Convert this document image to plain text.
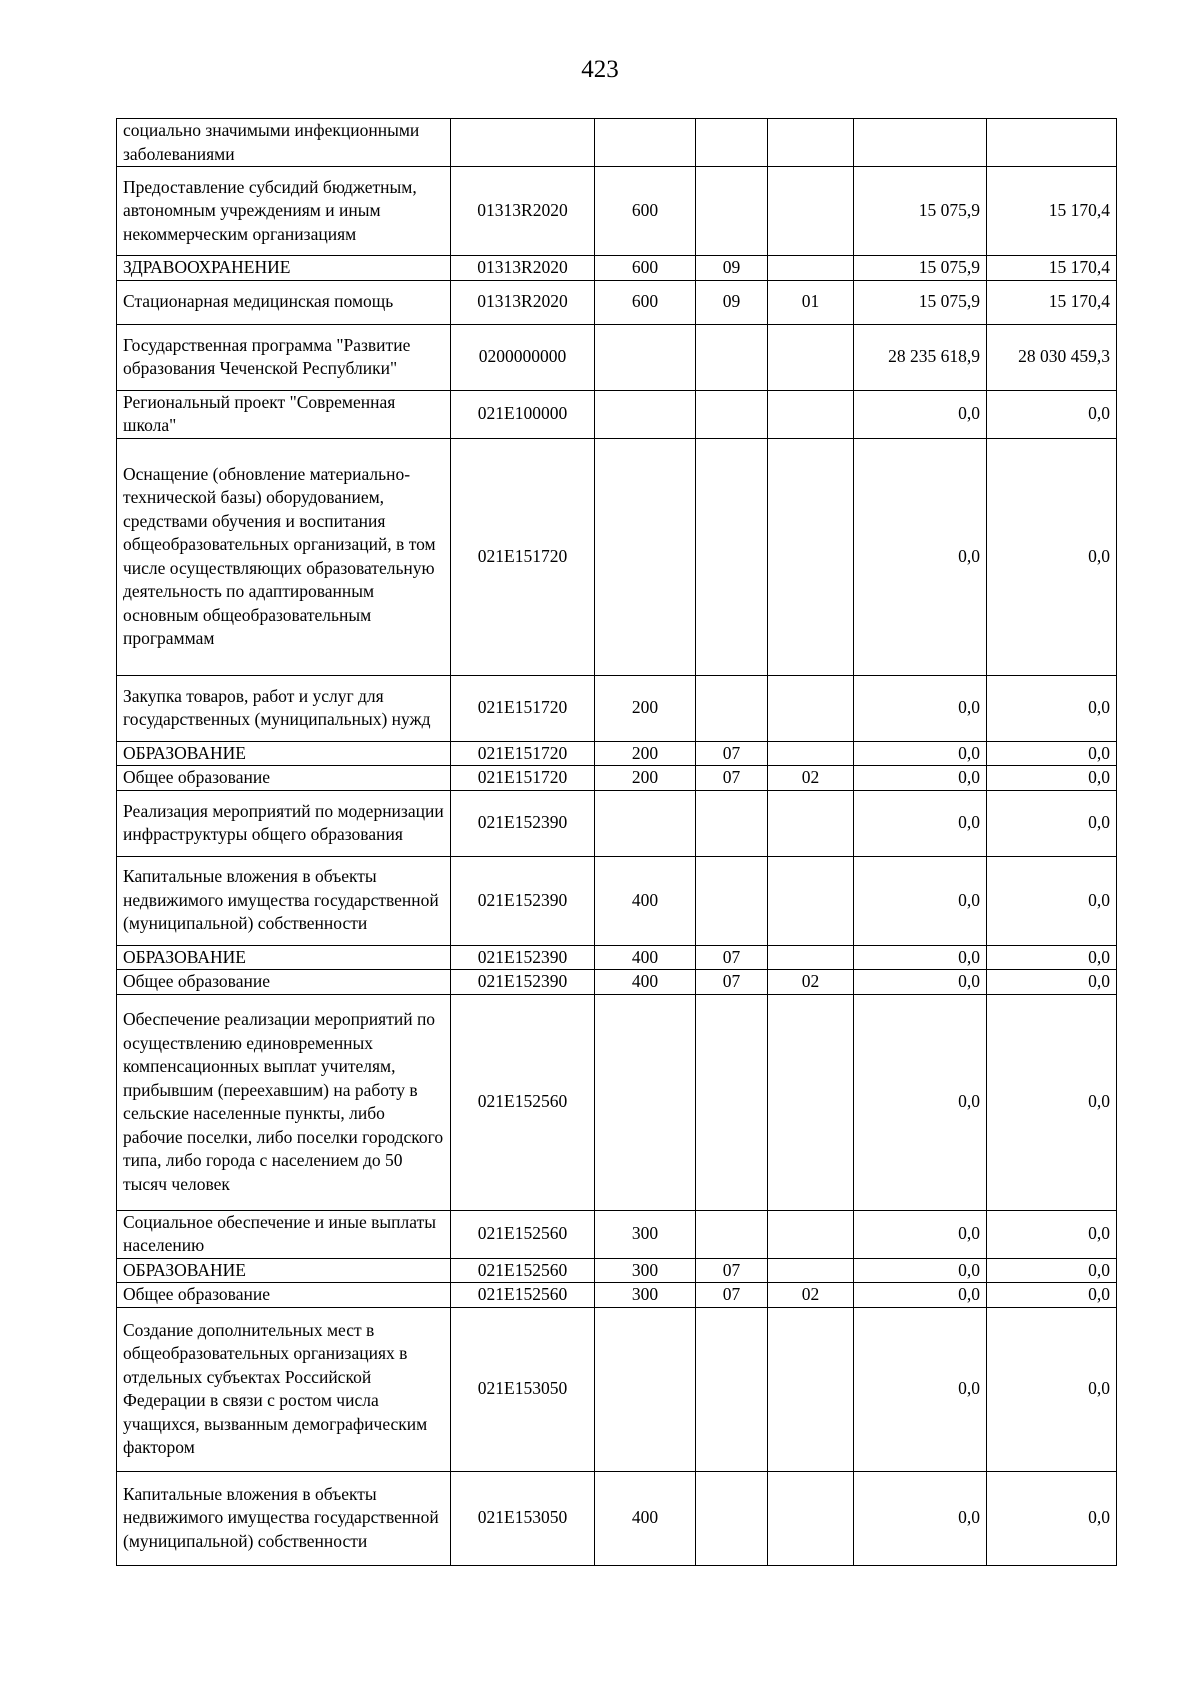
423
социально значимыми инфекционными заболеваниями						
Предоставление субсидий бюджетным, автономным учреждениям и иным некоммерческим организациям	01313R2020	600			15 075,9	15 170,4
ЗДРАВООХРАНЕНИЕ	01313R2020	600	09		15 075,9	15 170,4
Стационарная медицинская помощь	01313R2020	600	09	01	15 075,9	15 170,4
Государственная программа "Развитие образования Чеченской Республики"	0200000000				28 235 618,9	28 030 459,3
Региональный проект "Современная школа"	021E100000				0,0	0,0
Оснащение (обновление материально-технической базы) оборудованием, средствами обучения и воспитания общеобразовательных организаций, в том числе осуществляющих образовательную деятельность по адаптированным основным общеобразовательным программам	021E151720				0,0	0,0
Закупка товаров, работ и услуг для государственных (муниципальных) нужд	021E151720	200			0,0	0,0
ОБРАЗОВАНИЕ	021E151720	200	07		0,0	0,0
Общее образование	021E151720	200	07	02	0,0	0,0
Реализация мероприятий по модернизации инфраструктуры общего образования	021E152390				0,0	0,0
Капитальные вложения в объекты недвижимого имущества государственной (муниципальной) собственности	021E152390	400			0,0	0,0
ОБРАЗОВАНИЕ	021E152390	400	07		0,0	0,0
Общее образование	021E152390	400	07	02	0,0	0,0
Обеспечение реализации мероприятий по осуществлению единовременных компенсационных выплат учителям, прибывшим (переехавшим) на работу в сельские населенные пункты, либо рабочие поселки, либо поселки городского типа, либо города с населением до 50 тысяч человек	021E152560				0,0	0,0
Социальное обеспечение и иные выплаты населению	021E152560	300			0,0	0,0
ОБРАЗОВАНИЕ	021E152560	300	07		0,0	0,0
Общее образование	021E152560	300	07	02	0,0	0,0
Создание дополнительных мест в общеобразовательных организациях в отдельных субъектах Российской Федерации в связи с ростом числа учащихся, вызванным демографическим фактором	021E153050				0,0	0,0
Капитальные вложения в объекты недвижимого имущества государственной (муниципальной) собственности	021E153050	400			0,0	0,0
